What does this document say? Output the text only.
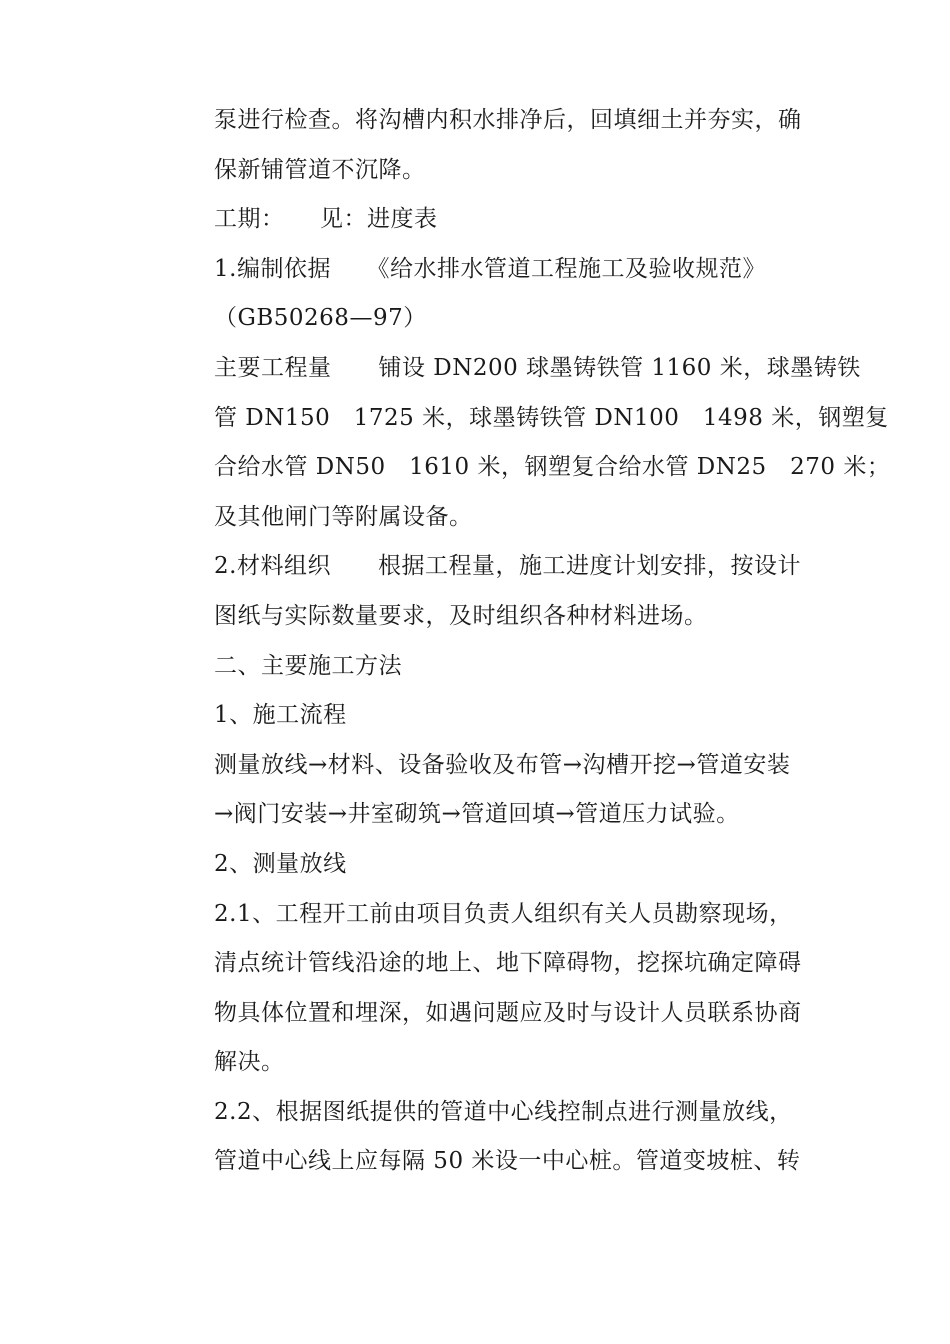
泵进行检查。将沟槽内积水排净后，回填细土并夯实，确
保新铺管道不沉降。
工期：　　见：进度表
1.编制依据　　《给水排水管道工程施工及验收规范》
（GB50268—97）
主要工程量　　铺设 DN200 球墨铸铁管 1160 米，球墨铸铁
管 DN150　1725 米，球墨铸铁管 DN100　1498 米，钢塑复
合给水管 DN50　1610 米，钢塑复合给水管 DN25　270 米；
及其他闸门等附属设备。
2.材料组织　　根据工程量，施工进度计划安排，按设计
图纸与实际数量要求，及时组织各种材料进场。
二、主要施工方法
1、施工流程
测量放线→材料、设备验收及布管→沟槽开挖→管道安装
→阀门安装→井室砌筑→管道回填→管道压力试验。
2、测量放线
2.1、工程开工前由项目负责人组织有关人员勘察现场，
清点统计管线沿途的地上、地下障碍物，挖探坑确定障碍
物具体位置和埋深，如遇问题应及时与设计人员联系协商
解决。
2.2、根据图纸提供的管道中心线控制点进行测量放线，
管道中心线上应每隔 50 米设一中心桩。管道变坡桩、转
